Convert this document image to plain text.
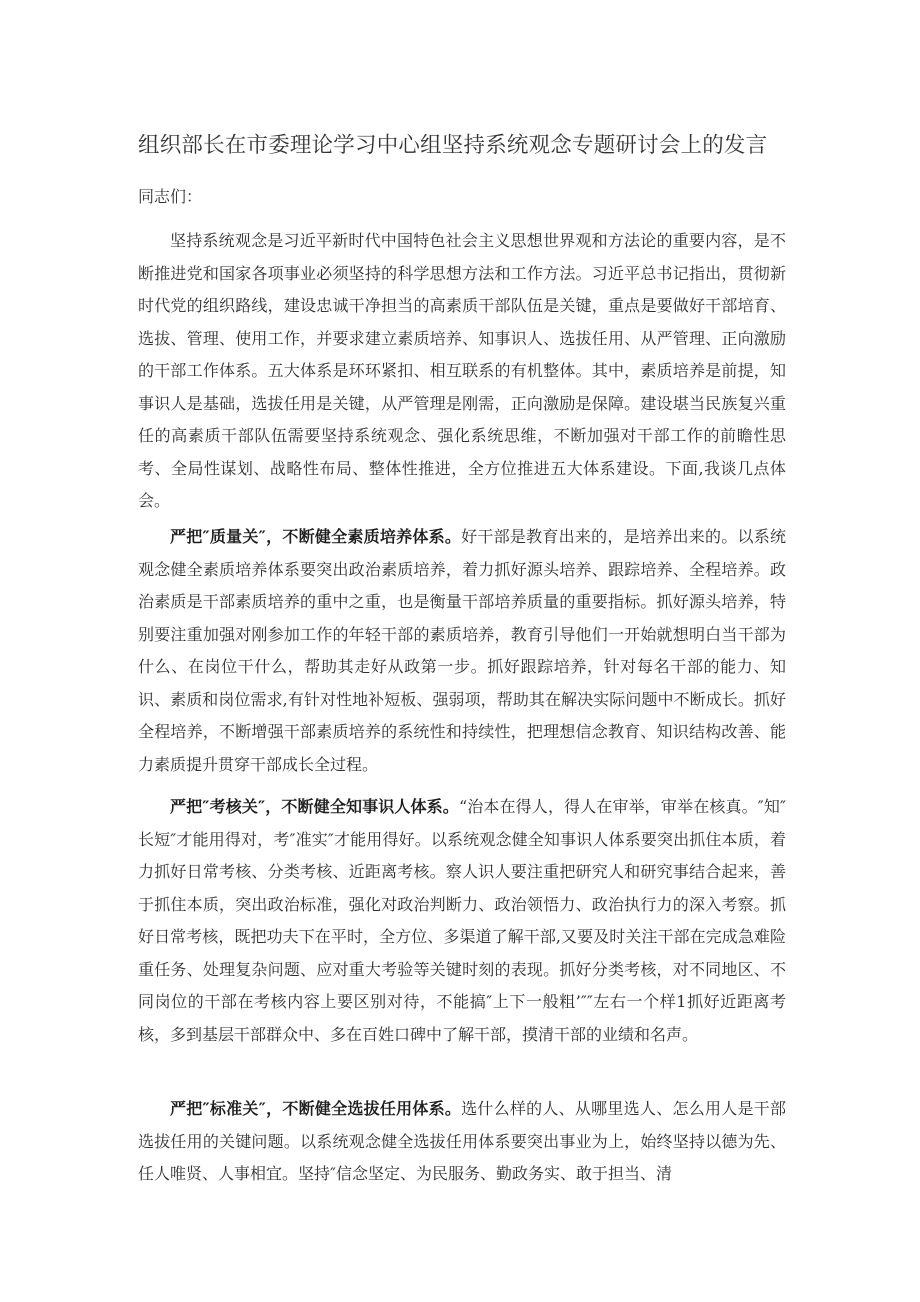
组织部长在市委理论学习中心组坚持系统观念专题研讨会上的发言
同志们：

坚持系统观念是习近平新时代中国特色社会主义思想世界观和方法论的重要内容，是不断推进党和国家各项事业必须坚持的科学思想方法和工作方法。习近平总书记指出，贯彻新时代党的组织路线，建设忠诚干净担当的高素质干部队伍是关键，重点是要做好干部培育、选拔、管理、使用工作，并要求建立素质培养、知事识人、选拔任用、从严管理、正向激励的干部工作体系。五大体系是环环紧扣、相互联系的有机整体。其中，素质培养是前提，知事识人是基础，选拔任用是关键，从严管理是刚需，正向激励是保障。建设堪当民族复兴重任的高素质干部队伍需要坚持系统观念、强化系统思维，不断加强对干部工作的前瞻性思考、全局性谋划、战略性布局、整体性推进，全方位推进五大体系建设。下面,我谈几点体会。

严把″质量关″，不断健全素质培养体系。好干部是教育出来的，是培养出来的。以系统观念健全素质培养体系要突出政治素质培养，着力抓好源头培养、跟踪培养、全程培养。政治素质是干部素质培养的重中之重，也是衡量干部培养质量的重要指标。抓好源头培养，特别要注重加强对刚参加工作的年轻干部的素质培养，教育引导他们一开始就想明白当干部为什么、在岗位干什么，帮助其走好从政第一步。抓好跟踪培养，针对每名干部的能力、知识、素质和岗位需求,有针对性地补短板、强弱项，帮助其在解决实际问题中不断成长。抓好全程培养，不断增强干部素质培养的系统性和持续性，把理想信念教育、知识结构改善、能力素质提升贯穿干部成长全过程。

严把″考核关″，不断健全知事识人体系。“治本在得人，得人在审举，审举在核真。″知″长短″才能用得对，考″准实″才能用得好。以系统观念健全知事识人体系要突出抓住本质，着力抓好日常考核、分类考核、近距离考核。察人识人要注重把研究人和研究事结合起来，善于抓住本质，突出政治标准，强化对政治判断力、政治领悟力、政治执行力的深入考察。抓好日常考核，既把功夫下在平时，全方位、多渠道了解干部,又要及时关注干部在完成急难险重任务、处理复杂问题、应对重大考验等关键时刻的表现。抓好分类考核，对不同地区、不同岗位的干部在考核内容上要区别对待，不能搞″上下一般粗’″″左右一个样1抓好近距离考核，多到基层干部群众中、多在百姓口碑中了解干部，摸清干部的业绩和名声。

严把″标准关″，不断健全选拔任用体系。选什么样的人、从哪里选人、怎么用人是干部选拔任用的关键问题。以系统观念健全选拔任用体系要突出事业为上，始终坚持以德为先、任人唯贤、人事相宜。坚持″信念坚定、为民服务、勤政务实、敢于担当、清
